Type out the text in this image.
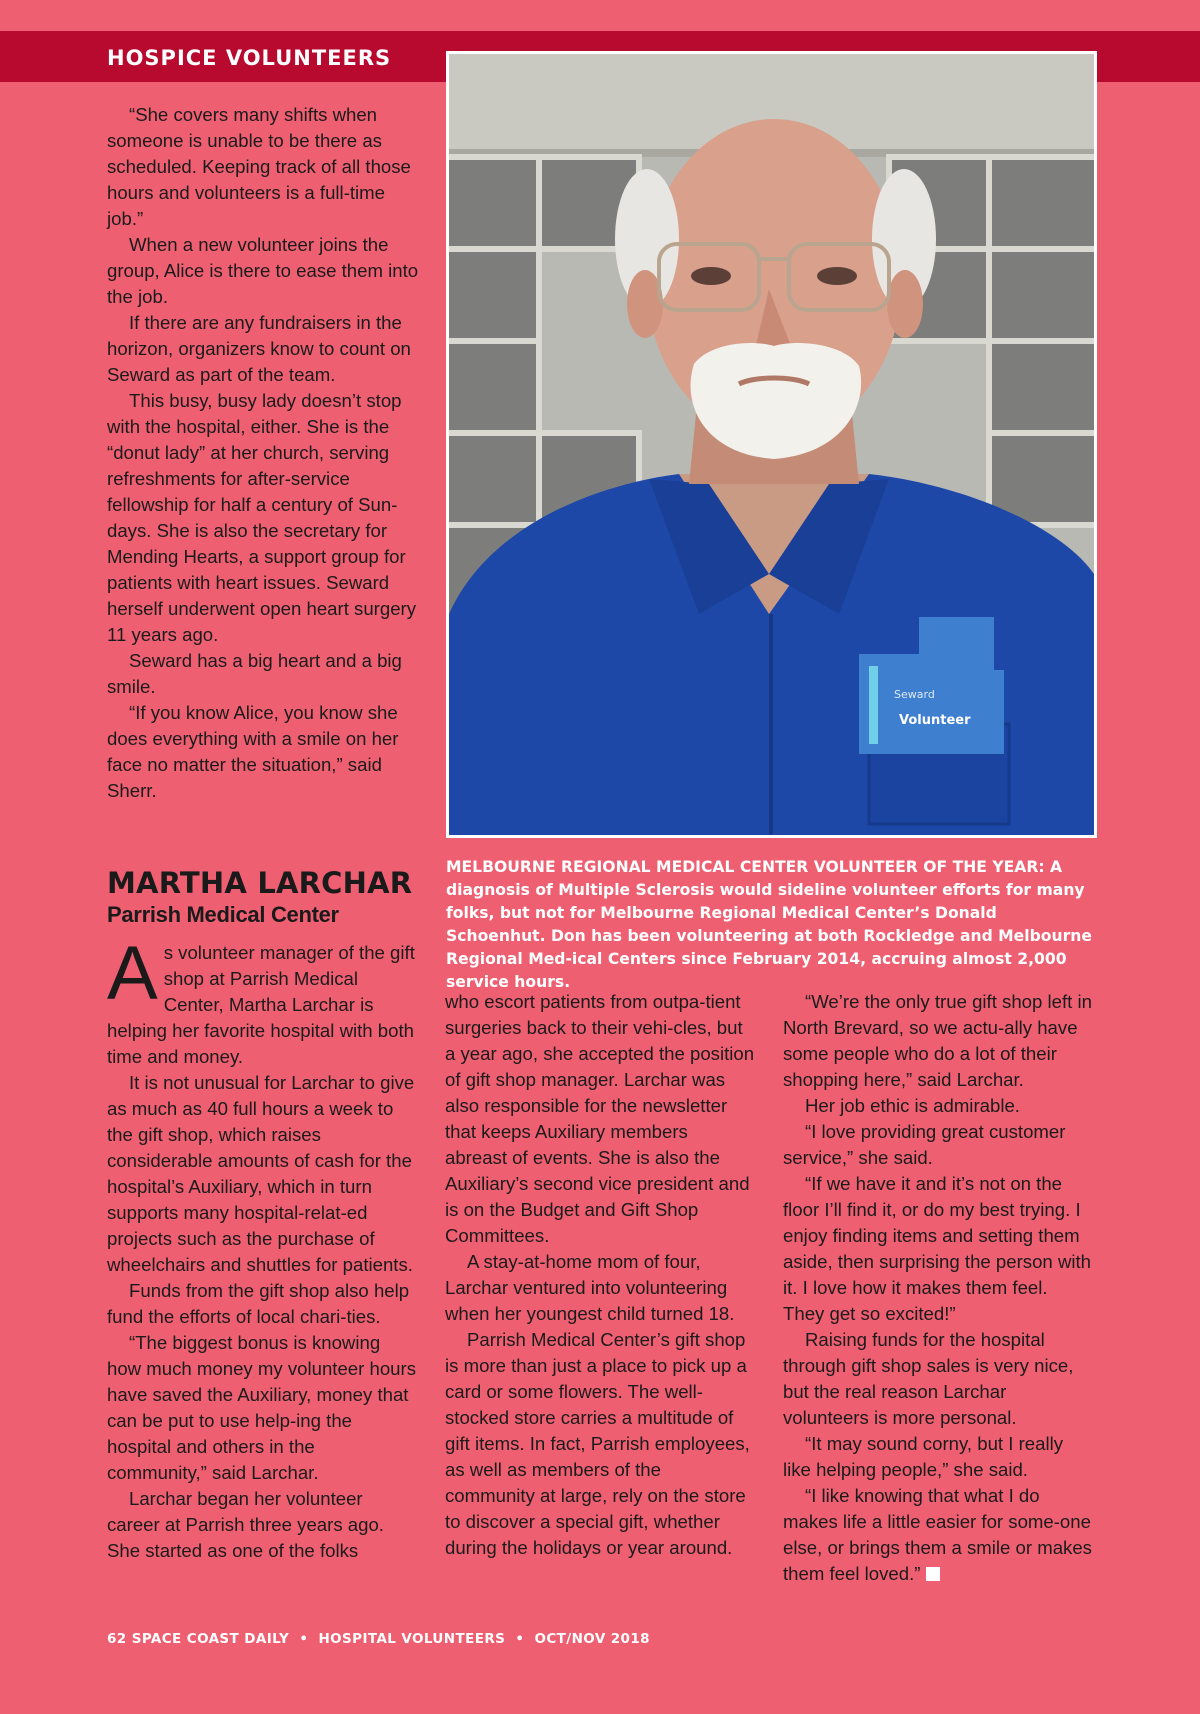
HOSPICE VOLUNTEERS

“She covers many shifts when someone is unable to be there as scheduled. Keeping track of all those hours and volunteers is a full-time job.”

When a new volunteer joins the group, Alice is there to ease them into the job.

If there are any fundraisers in the horizon, organizers know to count on Seward as part of the team.

This busy, busy lady doesn’t stop with the hospital, either. She is the “donut lady” at her church, serving refreshments for after-service fellowship for half a century of Sun-days. She is also the secretary for Mending Hearts, a support group for patients with heart issues. Seward herself underwent open heart surgery 11 years ago.

Seward has a big heart and a big smile.

“If you know Alice, you know she does everything with a smile on her face no matter the situation,” said Sherr.

Seward
Volunteer
MELBOURNE REGIONAL MEDICAL CENTER VOLUNTEER OF THE YEAR: A diagnosis of Multiple Sclerosis would sideline volunteer efforts for many folks, but not for Melbourne Regional Medical Center’s Donald Schoenhut. Don has been volunteering at both Rockledge and Melbourne Regional Med-ical Centers since February 2014, accruing almost 2,000 service hours.
MARTHA LARCHAR
Parrish Medical Center

As volunteer manager of the gift shop at Parrish Medical Center, Martha Larchar is helping her favorite hospital with both time and money.

It is not unusual for Larchar to give as much as 40 full hours a week to the gift shop, which raises considerable amounts of cash for the hospital’s Auxiliary, which in turn supports many hospital-relat-ed projects such as the purchase of wheelchairs and shuttles for patients.

Funds from the gift shop also help fund the efforts of local chari-ties.

“The biggest bonus is knowing how much money my volunteer hours have saved the Auxiliary, money that can be put to use help-ing the hospital and others in the community,” said Larchar.

Larchar began her volunteer career at Parrish three years ago. She started as one of the folks

who escort patients from outpa-tient surgeries back to their vehi-cles, but a year ago, she accepted the position of gift shop manager. Larchar was also responsible for the newsletter that keeps Auxiliary members abreast of events. She is also the Auxiliary’s second vice president and is on the Budget and Gift Shop Committees.

A stay-at-home mom of four, Larchar ventured into volunteering when her youngest child turned 18.

Parrish Medical Center’s gift shop is more than just a place to pick up a card or some flowers. The well-stocked store carries a multitude of gift items. In fact, Parrish employees, as well as members of the community at large, rely on the store to discover a special gift, whether during the holidays or year around.

“We’re the only true gift shop left in North Brevard, so we actu-ally have some people who do a lot of their shopping here,” said Larchar.

Her job ethic is admirable.

“I love providing great customer service,” she said.

“If we have it and it’s not on the floor I’ll find it, or do my best trying. I enjoy finding items and setting them aside, then surprising the person with it. I love how it makes them feel. They get so excited!”

Raising funds for the hospital through gift shop sales is very nice, but the real reason Larchar volunteers is more personal.

“It may sound corny, but I really like helping people,” she said.

“I like knowing that what I do makes life a little easier for some-one else, or brings them a smile or makes them feel loved.”

62 SPACE COAST DAILY • HOSPITAL VOLUNTEERS • OCT/NOV 2018
